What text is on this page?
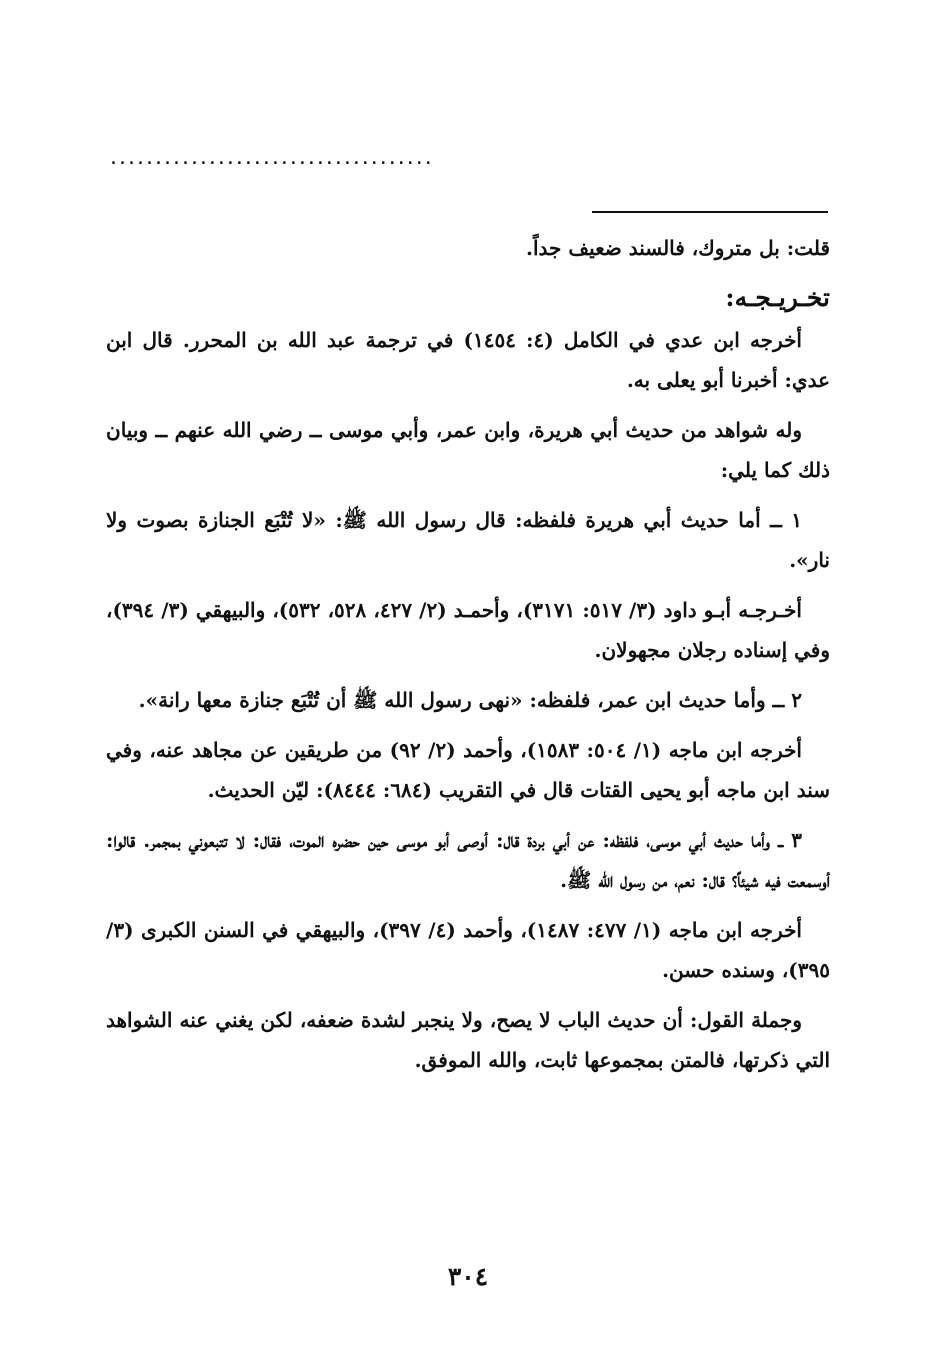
....................................

قلت: بل متروك، فالسند ضعيف جداً.

تخـريـجـه:

أخرجه ابن عدي في الكامل (٤: ١٤٥٤) في ترجمة عبد الله بن المحرر. قال ابن عدي: أخبرنا أبو يعلى به.

وله شواهد من حديث أبي هريرة، وابن عمر، وأبي موسى ــ رضي الله عنهم ــ وبيان ذلك كما يلي:

١ ــ أما حديث أبي هريرة فلفظه: قال رسول الله ﷺ: «لا تُتْبَع الجنازة بصوت ولا نار».

أخـرجـه أبـو داود (٣/ ٥١٧: ٣١٧١)، وأحمـد (٢/ ٤٢٧، ٥٢٨، ٥٣٢)، والبيهقي (٣/ ٣٩٤)، وفي إسناده رجلان مجهولان.

٢ ــ وأما حديث ابن عمر، فلفظه: «نهى رسول الله ﷺ أن تُتْبَع جنازة معها رانة».

أخرجه ابن ماجه (١/ ٥٠٤: ١٥٨٣)، وأحمد (٢/ ٩٢) من طريقين عن مجاهد عنه، وفي سند ابن ماجه أبو يحيى القتات قال في التقريب (٦٨٤: ٨٤٤٤): ليّن الحديث.

٣ ــ وأما حديث أبي موسى، فلفظه: عن أبي بردة قال: أوصى أبو موسى حين حضره الموت، فقال: لا تتبعوني بمجمر. قالوا: أوسمعت فيه شيئاً؟ قال: نعم، من رسول الله ﷺ.

أخرجه ابن ماجه (١/ ٤٧٧: ١٤٨٧)، وأحمد (٤/ ٣٩٧)، والبيهقي في السنن الكبرى (٣/ ٣٩٥)، وسنده حسن.

وجملة القول: أن حديث الباب لا يصح، ولا ينجبر لشدة ضعفه، لكن يغني عنه الشواهد التي ذكرتها، فالمتن بمجموعها ثابت، والله الموفق.

٣٠٤
